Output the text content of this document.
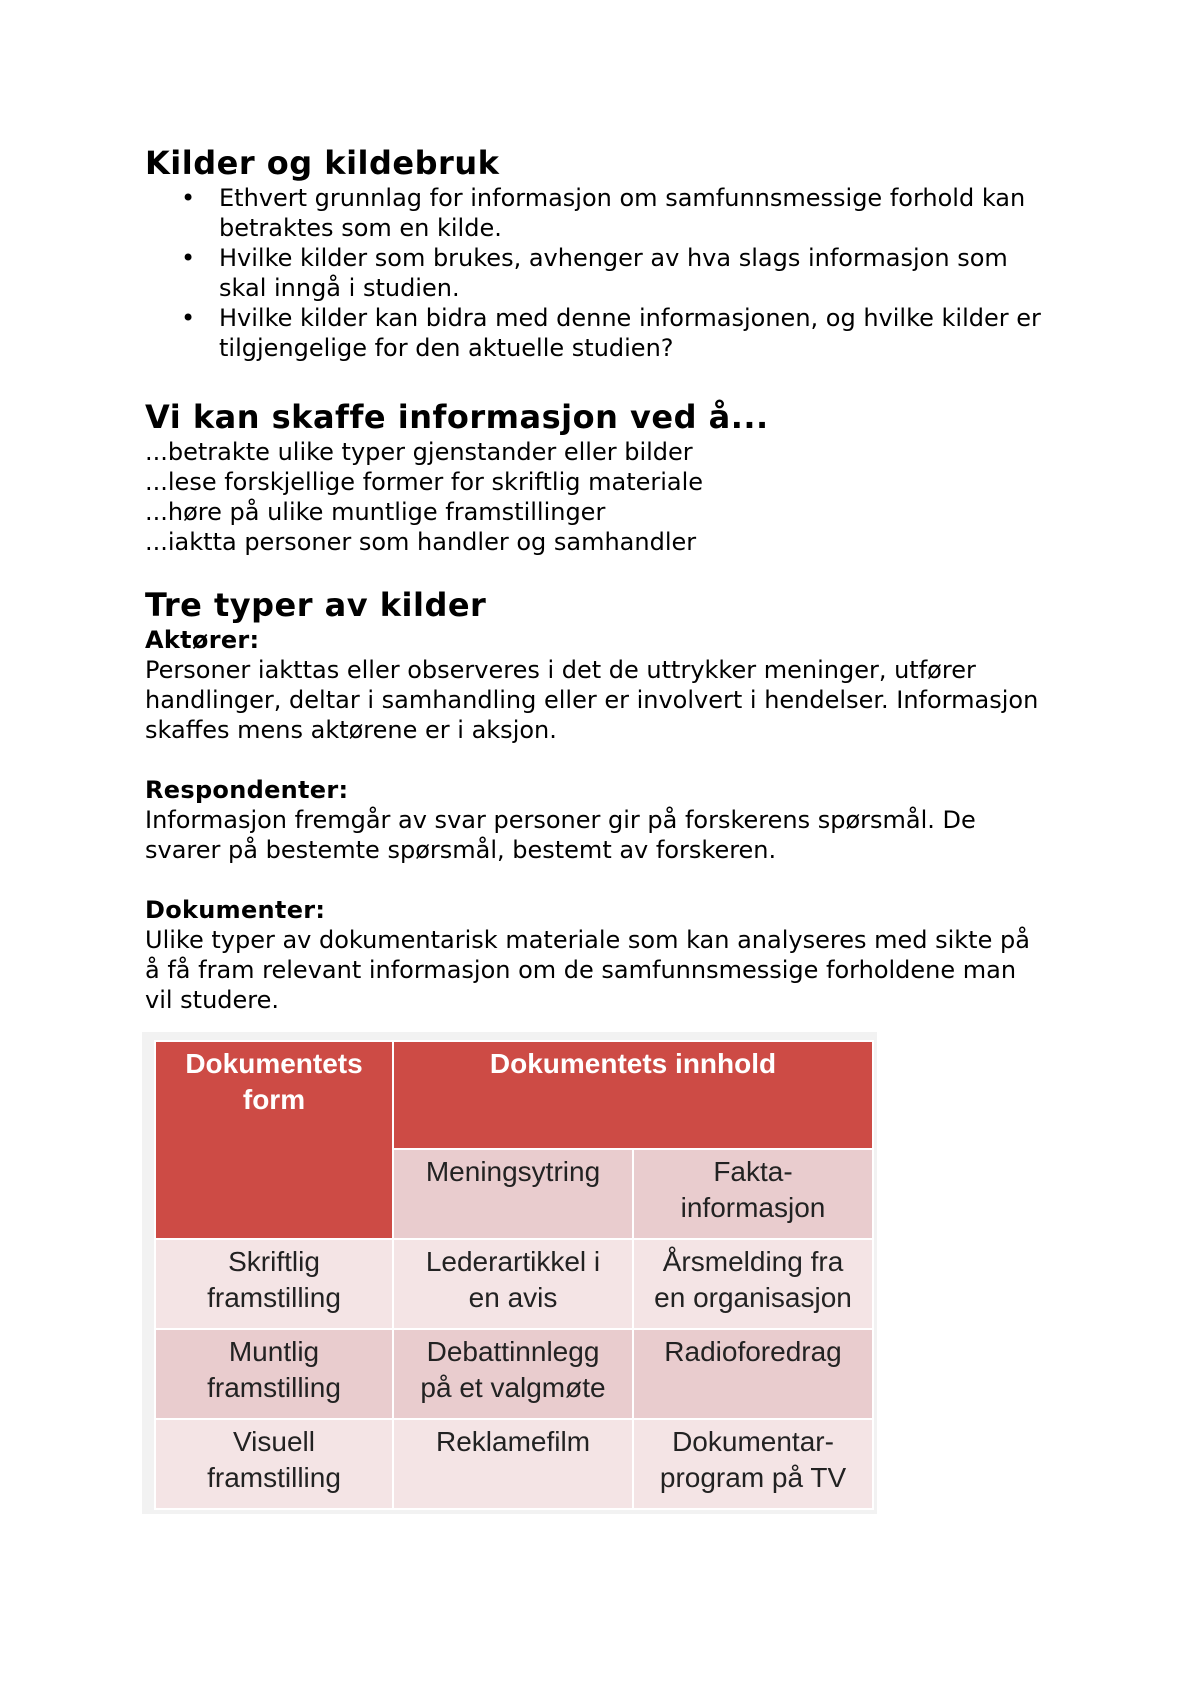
Kilder og kildebruk
• Ethvert grunnlag for informasjon om samfunnsmessige forhold kan
betraktes som en kilde.
• Hvilke kilder som brukes, avhenger av hva slags informasjon som
skal inngå i studien.
• Hvilke kilder kan bidra med denne informasjonen, og hvilke kilder er
tilgjengelige for den aktuelle studien?
Vi kan skaffe informasjon ved å...

...betrakte ulike typer gjenstander eller bilder

...lese forskjellige former for skriftlig materiale

...høre på ulike muntlige framstillinger

...iaktta personer som handler og samhandler

Tre typer av kilder

Aktører:

Personer iakttas eller observeres i det de uttrykker meninger, utfører
handlinger, deltar i samhandling eller er involvert i hendelser. Informasjon
skaffes mens aktørene er i aksjon.

Respondenter:

Informasjon fremgår av svar personer gir på forskerens spørsmål. De
svarer på bestemte spørsmål, bestemt av forskeren.

Dokumenter:

Ulike typer av dokumentarisk materiale som kan analyseres med sikte på
å få fram relevant informasjon om de samfunnsmessige forholdene man
vil studere.

Dokumentets
form	Dokumentets innhold	
	Meningsytring	Fakta-
informasjon
Skriftlig
framstilling	Lederartikkel i
en avis	Årsmelding fra
en organisasjon
Muntlig
framstilling	Debattinnlegg
på et valgmøte	Radioforedrag
Visuell
framstilling	Reklamefilm	Dokumentar-
program på TV
